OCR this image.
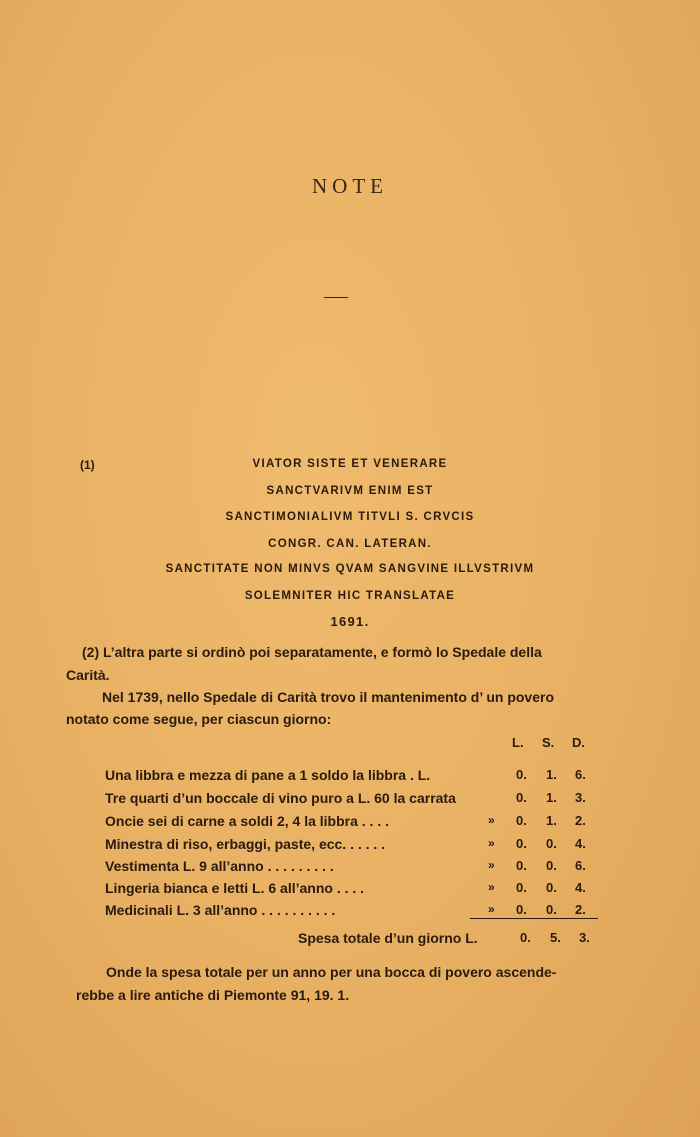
NOTE
(1)	VIATOR SISTE ET VENERARE
SANCTVARIVM ENIM EST
SANCTIMONIALIVM TITVLI S. CRVCIS
CONGR. CAN. LATERAN.
SANCTITATE NON MINVS QVAM SANGVINE ILLVSTRIVM
SOLEMNITER HIC TRANSLATAE
1691.
(2) L’altra parte si ordinò poi separatamente, e formò lo Spedale della
Carità.
Nel 1739, nello Spedale di Carità trovo il mantenimento d’ un povero
notato come segue, per ciascun giorno:
L. S. D.
Una libbra e mezza di pane a 1 soldo la libbra . L.	0. 1. 6.
Tre quarti d’un boccale di vino puro a L. 60 la carrata	0. 1. 3.
Oncie sei di carne a soldi 2, 4 la libbra . . . .	» 0. 1. 2.
Minestra di riso, erbaggi, paste, ecc. . . . . .	» 0. 0. 4.
Vestimenta L. 9 all’anno . . . . . . . . .	» 0. 0. 6.
Lingeria bianca e letti L. 6 all’anno . . . .	» 0. 0. 4.
Medicinali L. 3 all’anno . . . . . . . . . .	» 0. 0. 2.
Spesa totale d’un giorno L.	0. 5. 3.
Onde la spesa totale per un anno per una bocca di povero ascende-
rebbe a lire antiche di Piemonte 91, 19. 1.
